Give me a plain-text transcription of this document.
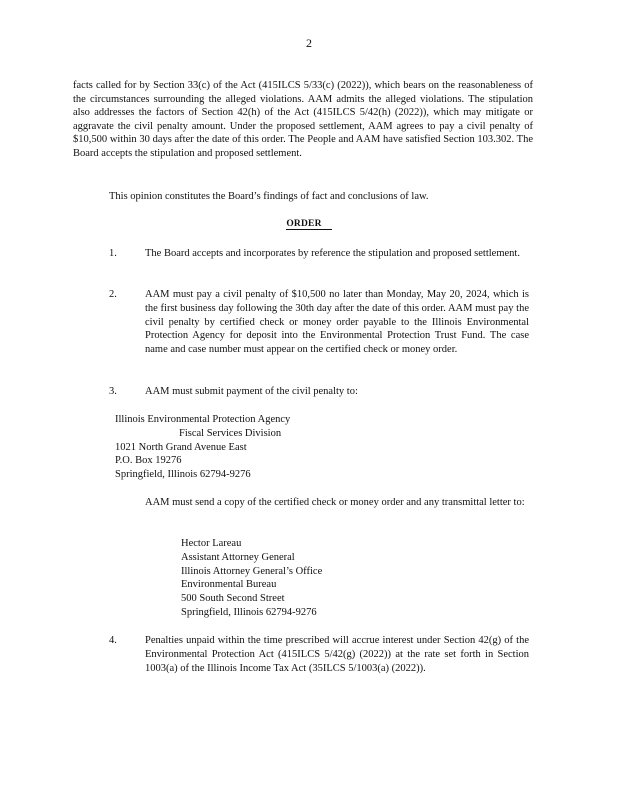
2
facts called for by Section 33(c) of the Act (415ILCS 5/33(c) (2022)), which bears on the reasonableness of the circumstances surrounding the alleged violations. AAM admits the alleged violations. The stipulation also addresses the factors of Section 42(h) of the Act (415ILCS 5/42(h) (2022)), which may mitigate or aggravate the civil penalty amount. Under the proposed settlement, AAM agrees to pay a civil penalty of $10,500 within 30 days after the date of this order. The People and AAM have satisfied Section 103.302. The Board accepts the stipulation and proposed settlement.
This opinion constitutes the Board’s findings of fact and conclusions of law.
ORDER
1.	The Board accepts and incorporates by reference the stipulation and proposed settlement.
2.	AAM must pay a civil penalty of $10,500 no later than Monday, May 20, 2024, which is the first business day following the 30th day after the date of this order. AAM must pay the civil penalty by certified check or money order payable to the Illinois Environmental Protection Agency for deposit into the Environmental Protection Trust Fund. The case name and case number must appear on the certified check or money order.
3.	AAM must submit payment of the civil penalty to:
Illinois Environmental Protection Agency
Fiscal Services Division
1021 North Grand Avenue East
P.O. Box 19276
Springfield, Illinois 62794-9276
AAM must send a copy of the certified check or money order and any transmittal letter to:
Hector Lareau
Assistant Attorney General
Illinois Attorney General’s Office
Environmental Bureau
500 South Second Street
Springfield, Illinois 62794-9276
4.	Penalties unpaid within the time prescribed will accrue interest under Section 42(g) of the Environmental Protection Act (415ILCS 5/42(g) (2022)) at the rate set forth in Section 1003(a) of the Illinois Income Tax Act (35ILCS 5/1003(a) (2022)).
